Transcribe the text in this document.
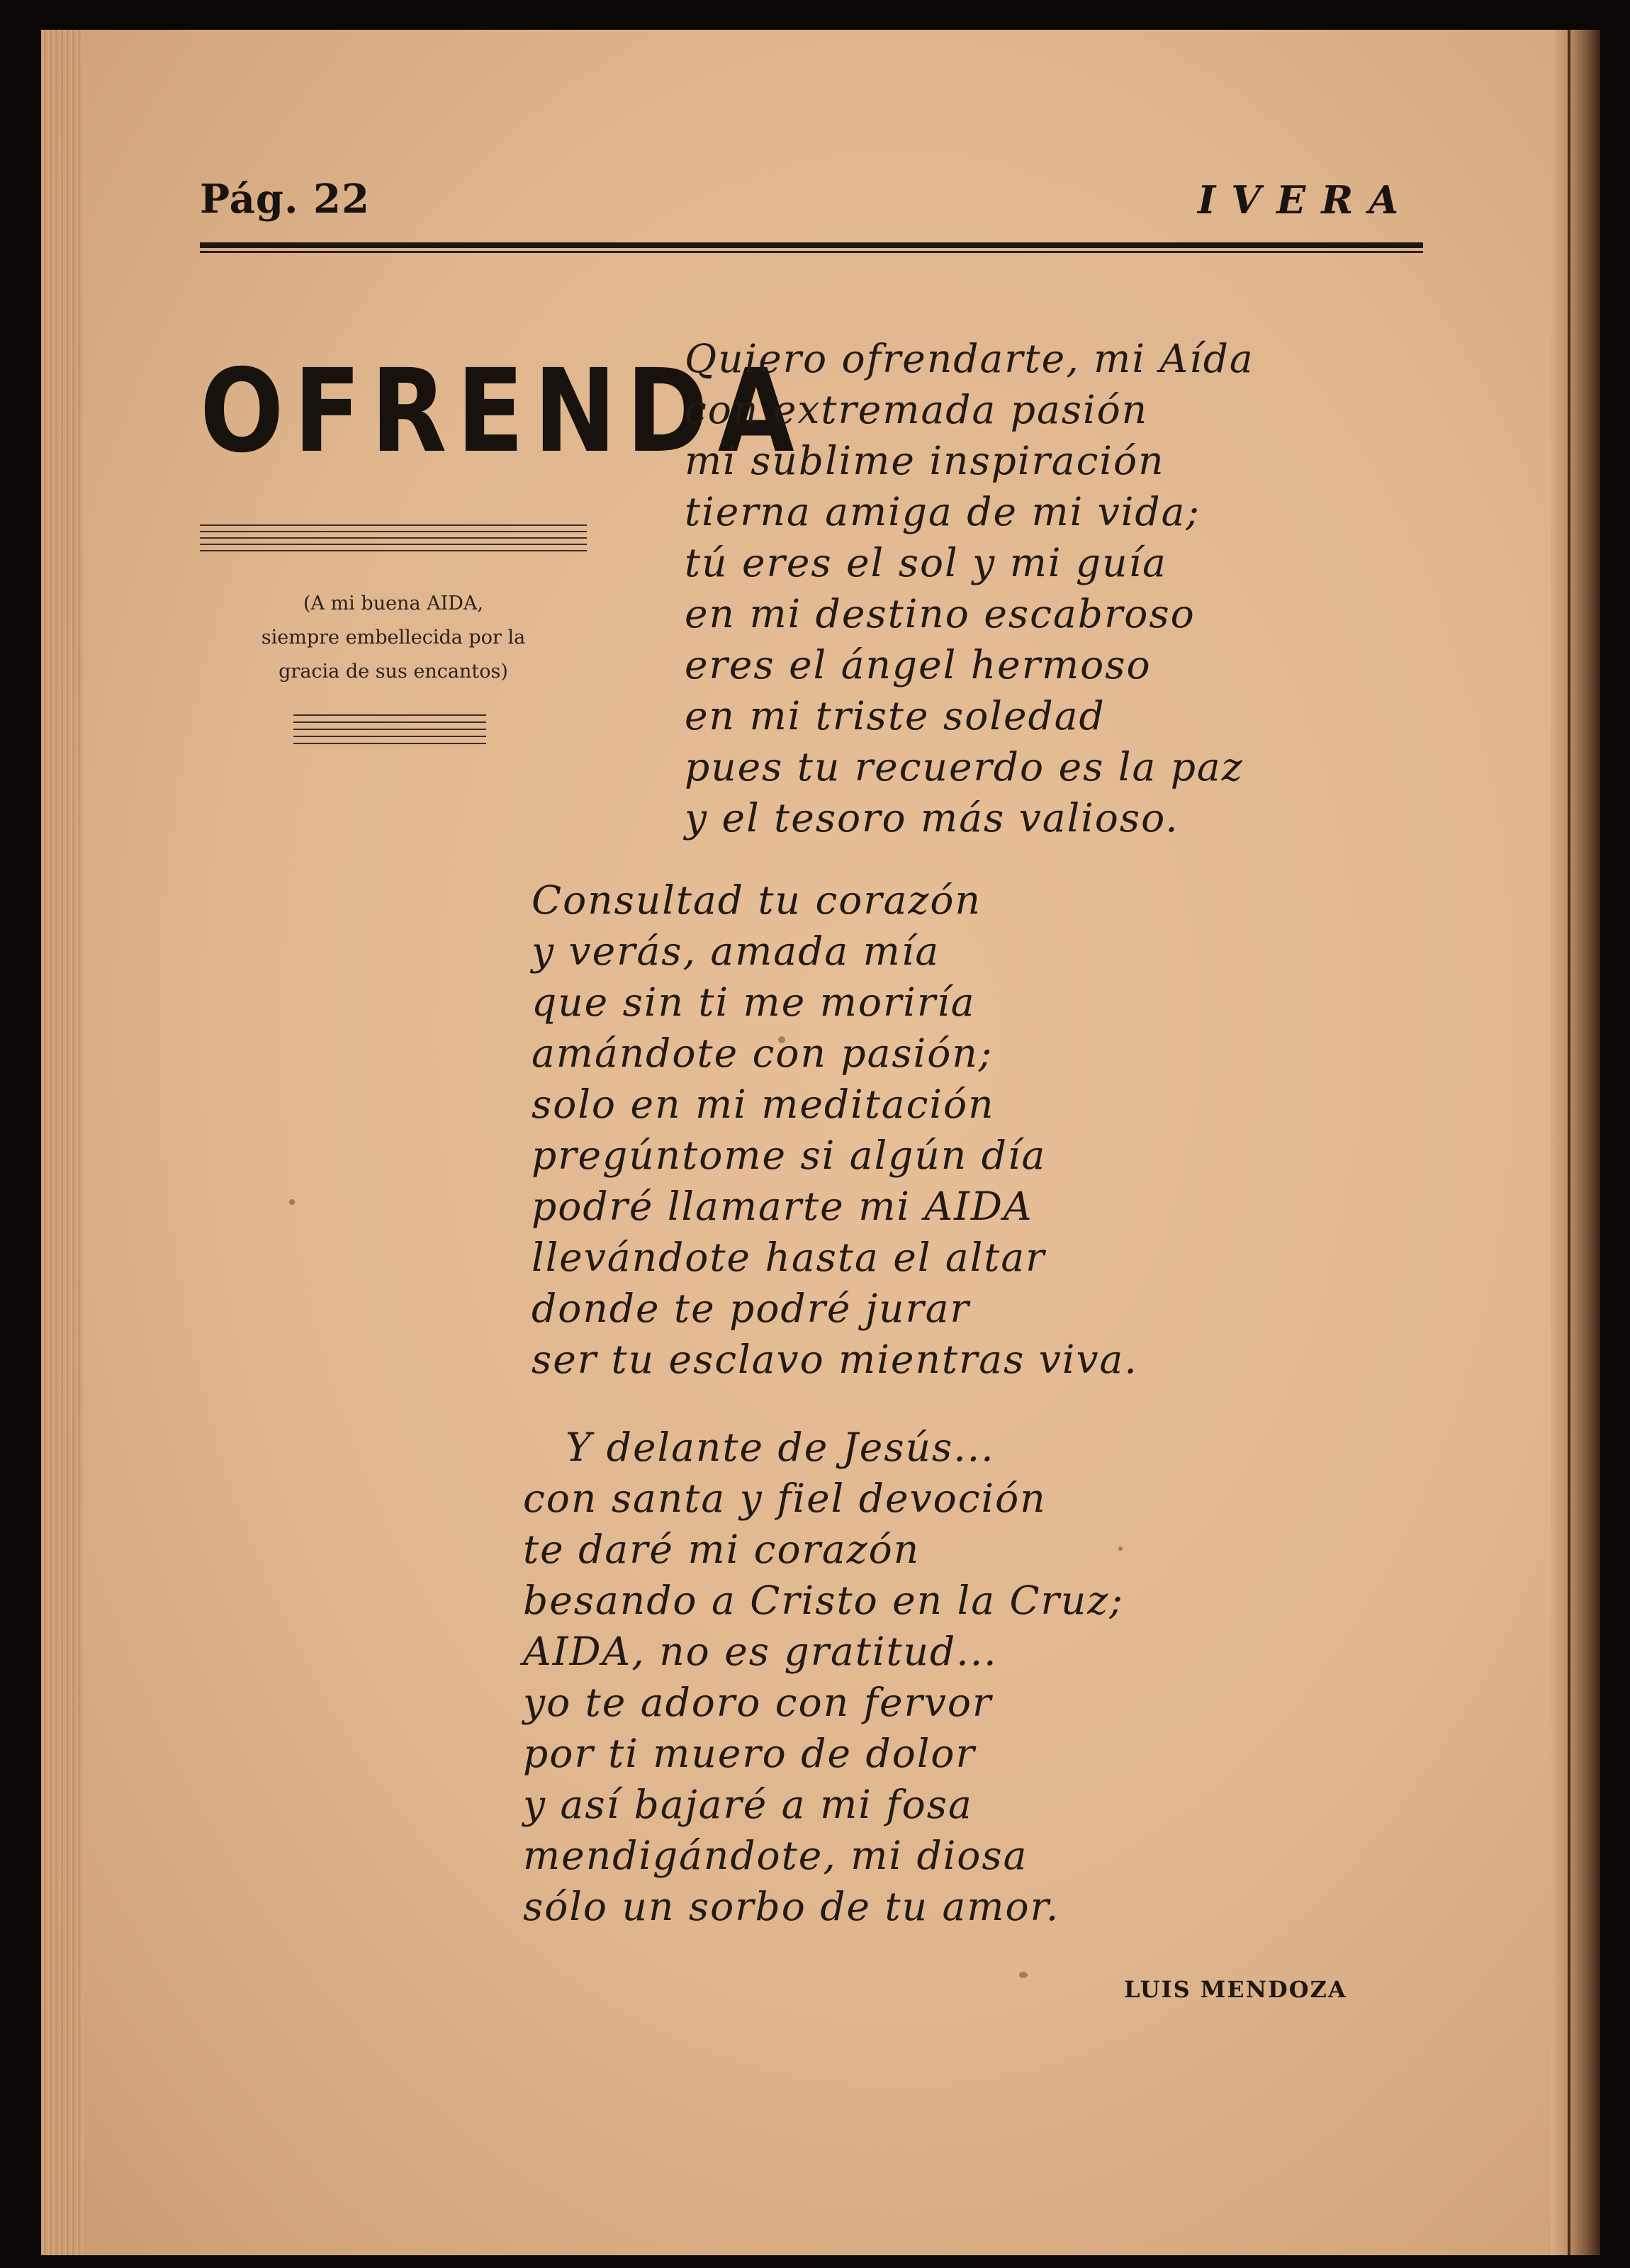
Pág. 22	IVERA
OFRENDA
(A mi buena AIDA,
siempre embellecida por la
gracia de sus encantos)
Quiero ofrendarte, mi Aída
con extremada pasión
mi sublime inspiración
tierna amiga de mi vida;
tú eres el sol y mi guía
en mi destino escabroso
eres el ángel hermoso
en mi triste soledad
pues tu recuerdo es la paz
y el tesoro más valioso.
Consultad tu corazón
y verás, amada mía
que sin ti me moriría
amándote con pasión;
solo en mi meditación
pregúntome si algún día
podré llamarte mi AIDA
llevándote hasta el altar
donde te podré jurar
ser tu esclavo mientras viva.
Y delante de Jesús...
con santa y fiel devoción
te daré mi corazón
besando a Cristo en la Cruz;
AIDA, no es gratitud...
yo te adoro con fervor
por ti muero de dolor
y así bajaré a mi fosa
mendigándote, mi diosa
sólo un sorbo de tu amor.
LUIS MENDOZA
